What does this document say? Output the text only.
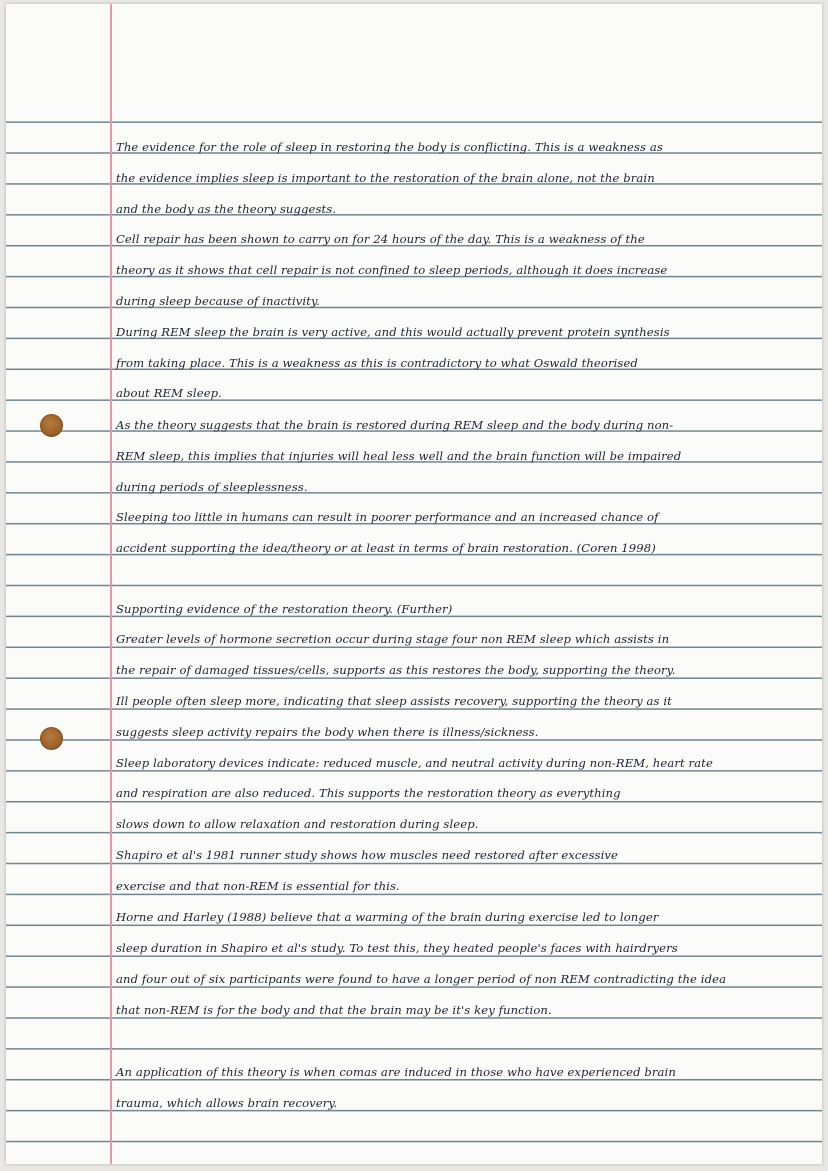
The evidence for the role of sleep in restoring the body is conflicting. This is a weakness as
the evidence implies sleep is important to the restoration of the brain alone, not the brain
and the body as the theory suggests.
Cell repair has been shown to carry on for 24 hours of the day. This is a weakness of the
theory as it shows that cell repair is not confined to sleep periods, although it does increase
during sleep because of inactivity.
During REM sleep the brain is very active, and this would actually prevent protein synthesis
from taking place. This is a weakness as this is contradictory to what Oswald theorised
about REM sleep.
As the theory suggests that the brain is restored during REM sleep and the body during non-
REM sleep, this implies that injuries will heal less well and the brain function will be impaired
during periods of sleeplessness.
Sleeping too little in humans can result in poorer performance and an increased chance of
accident supporting the idea/theory or at least in terms of brain restoration. (Coren 1998)
Supporting evidence of the restoration theory. (Further)
Greater levels of hormone secretion occur during stage four non REM sleep which assists in
the repair of damaged tissues/cells, supports as this restores the body, supporting the theory.
Ill people often sleep more, indicating that sleep assists recovery, supporting the theory as it
suggests sleep activity repairs the body when there is illness/sickness.
Sleep laboratory devices indicate: reduced muscle, and neutral activity during non-REM, heart rate
and respiration are also reduced. This supports the restoration theory as everything
slows down to allow relaxation and restoration during sleep.
Shapiro et al's 1981 runner study shows how muscles need restored after excessive
exercise and that non-REM is essential for this.
Horne and Harley (1988) believe that a warming of the brain during exercise led to longer
sleep duration in Shapiro et al's study. To test this, they heated people's faces with hairdryers
and four out of six participants were found to have a longer period of non REM contradicting the idea
that non-REM is for the body and that the brain may be it's key function.
An application of this theory is when comas are induced in those who have experienced brain
trauma, which allows brain recovery.
